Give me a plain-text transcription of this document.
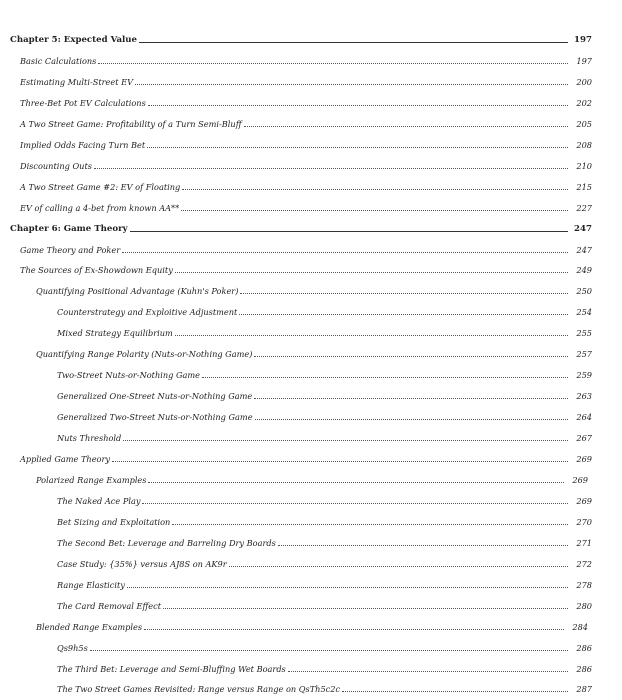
Chapter 5: Expected Value	197
Basic Calculations	197
Estimating Multi-Street EV	200
Three-Bet Pot EV Calculations	202
A Two Street Game: Profitability of a Turn Semi-Bluff	205
Implied Odds Facing Turn Bet	208
Discounting Outs	210
A Two Street Game #2: EV of Floating	215
EV of calling a 4-bet from known AA**	227
Chapter 6: Game Theory	247
Game Theory and Poker	247
The Sources of Ex-Showdown Equity	249
Quantifying Positional Advantage (Kuhn's Poker)	250
Counterstrategy and Exploitive Adjustment	254
Mixed Strategy Equilibrium	255
Quantifying Range Polarity (Nuts-or-Nothing Game)	257
Two-Street Nuts-or-Nothing Game	259
Generalized One-Street Nuts-or-Nothing Game	263
Generalized Two-Street Nuts-or-Nothing Game	264
Nuts Threshold	267
Applied Game Theory	269
Polarized Range Examples	269
The Naked Ace Play	269
Bet Sizing and Exploitation	270
The Second Bet: Leverage and Barreling Dry Boards	271
Case Study: {35%} versus AJ8S on AK9r	272
Range Elasticity	278
The Card Removal Effect	280
Blended Range Examples	284
Qs9h5s	286
The Third Bet: Leverage and Semi-Bluffing Wet Boards	286
The Two Street Games Revisited: Range versus Range on QsTh5c2c	287
